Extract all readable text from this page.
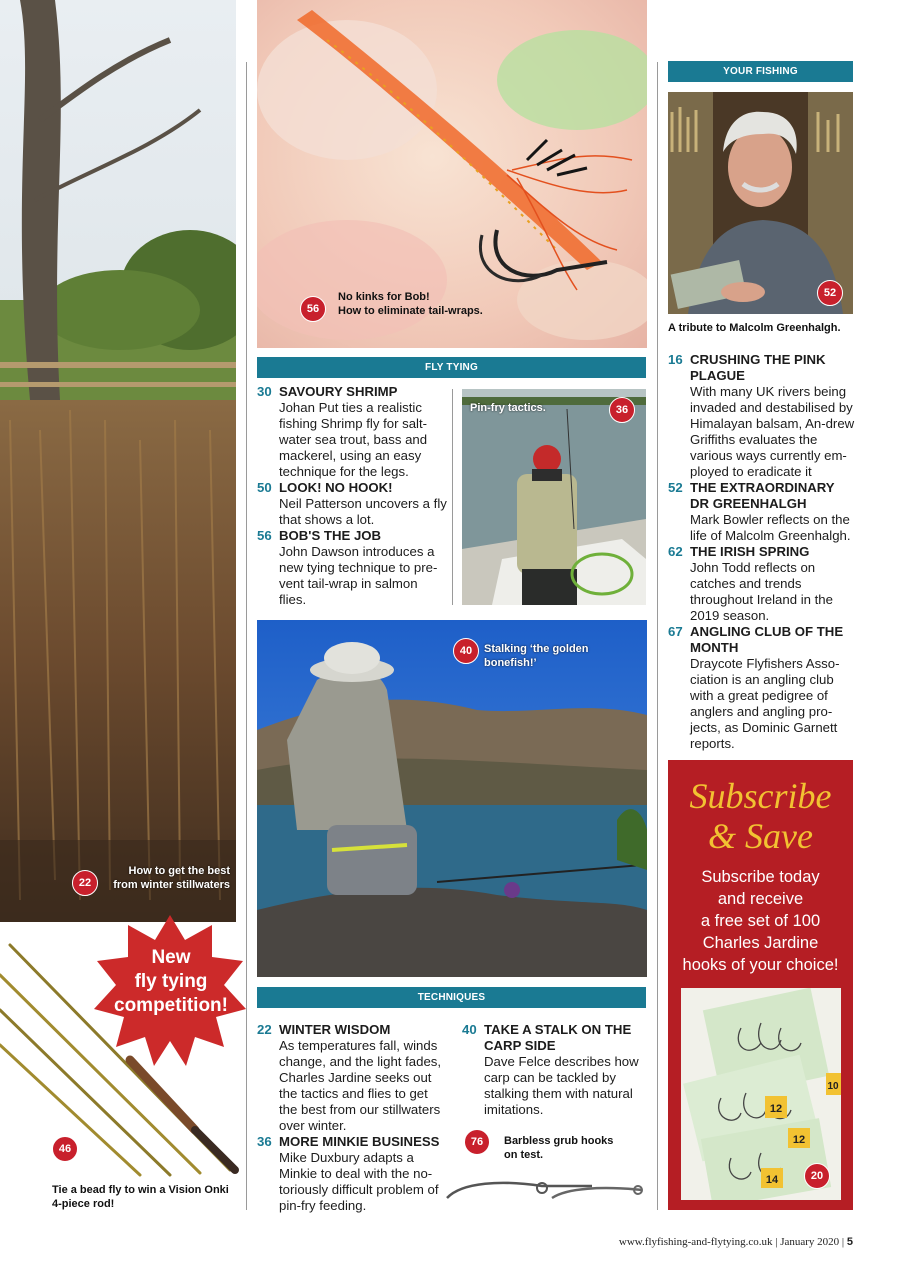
22
How to get the best
from winter stillwaters
New
fly tying
competition!
46
Tie a bead fly to win a Vision Onki
4-piece rod!
56
No kinks for Bob!
How to eliminate tail-wraps.
FLY TYING
30 SAVOURY SHRIMP
Johan Put ties a realistic fishing Shrimp fly for salt-water sea trout, bass and mackerel, using an easy technique for the legs.
50 LOOK! NO HOOK!
Neil Patterson uncovers a fly that shows a lot.
56 BOB'S THE JOB
John Dawson introduces a new tying technique to pre-vent tail-wrap in salmon flies.
Pin-fry tactics.	36
40	Stalking ‘the golden bonefish!’
TECHNIQUES
22 WINTER WISDOM
As temperatures fall, winds change, and the light fades, Charles Jardine seeks out the tactics and flies to get the best from our stillwaters over winter.
36 MORE MINKIE BUSINESS
Mike Duxbury adapts a Minkie to deal with the no-toriously difficult problem of pin-fry feeding.
40 TAKE A STALK ON THE CARP SIDE
Dave Felce describes how carp can be tackled by stalking them with natural imitations.
76	Barbless grub hooks
on test.
YOUR FISHING
52
A tribute to Malcolm Greenhalgh.
16 CRUSHING THE PINK PLAGUE
With many UK rivers being invaded and destabilised by Himalayan balsam, An-drew Griffiths evaluates the various ways currently em-ployed to eradicate it
52 THE EXTRAORDINARY DR GREENHALGH
Mark Bowler reflects on the life of Malcolm Greenhalgh.
62 THE IRISH SPRING
John Todd reflects on catches and trends throughout Ireland in the 2019 season.
67 ANGLING CLUB OF THE MONTH
Draycote Flyfishers Asso-ciation is an angling club with a great pedigree of anglers and angling pro-jects, as Dominic Garnett reports.
Subscribe
& Save
Subscribe today
and receive
a free set of 100
Charles Jardine
hooks of your choice!
10
12
12
14	20
www.flyfishing-and-flytying.co.uk | January 2020 | 5
